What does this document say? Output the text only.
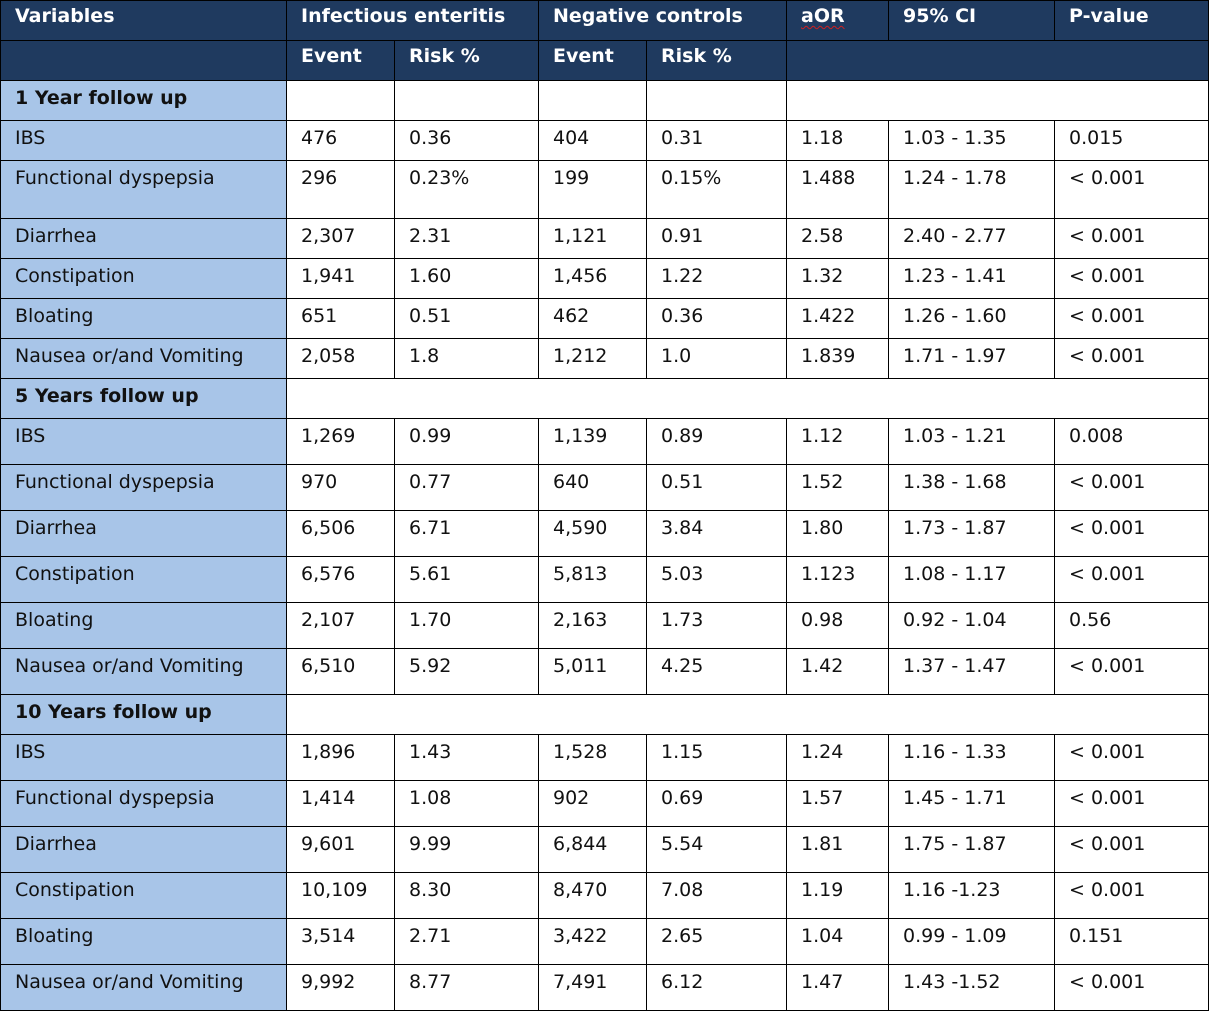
Variables	Infectious enteritis		Negative controls		aOR	95% CI	P-value
	Event	Risk %	Event	Risk %			
1 Year follow up							
IBS	476	0.36	404	0.31	1.18	1.03 - 1.35	0.015
Functional dyspepsia	296	0.23%	199	0.15%	1.488	1.24 - 1.78	< 0.001
Diarrhea	2,307	2.31	1,121	0.91	2.58	2.40 - 2.77	< 0.001
Constipation	1,941	1.60	1,456	1.22	1.32	1.23 - 1.41	< 0.001
Bloating	651	0.51	462	0.36	1.422	1.26 - 1.60	< 0.001
Nausea or/and Vomiting	2,058	1.8	1,212	1.0	1.839	1.71 - 1.97	< 0.001
5 Years follow up							
IBS	1,269	0.99	1,139	0.89	1.12	1.03 - 1.21	0.008
Functional dyspepsia	970	0.77	640	0.51	1.52	1.38 - 1.68	< 0.001
Diarrhea	6,506	6.71	4,590	3.84	1.80	1.73 - 1.87	< 0.001
Constipation	6,576	5.61	5,813	5.03	1.123	1.08 - 1.17	< 0.001
Bloating	2,107	1.70	2,163	1.73	0.98	0.92 - 1.04	0.56
Nausea or/and Vomiting	6,510	5.92	5,011	4.25	1.42	1.37 - 1.47	< 0.001
10 Years follow up							
IBS	1,896	1.43	1,528	1.15	1.24	1.16 - 1.33	< 0.001
Functional dyspepsia	1,414	1.08	902	0.69	1.57	1.45 - 1.71	< 0.001
Diarrhea	9,601	9.99	6,844	5.54	1.81	1.75 - 1.87	< 0.001
Constipation	10,109	8.30	8,470	7.08	1.19	1.16 -1.23	< 0.001
Bloating	3,514	2.71	3,422	2.65	1.04	0.99 - 1.09	0.151
Nausea or/and Vomiting	9,992	8.77	7,491	6.12	1.47	1.43 -1.52	< 0.001
